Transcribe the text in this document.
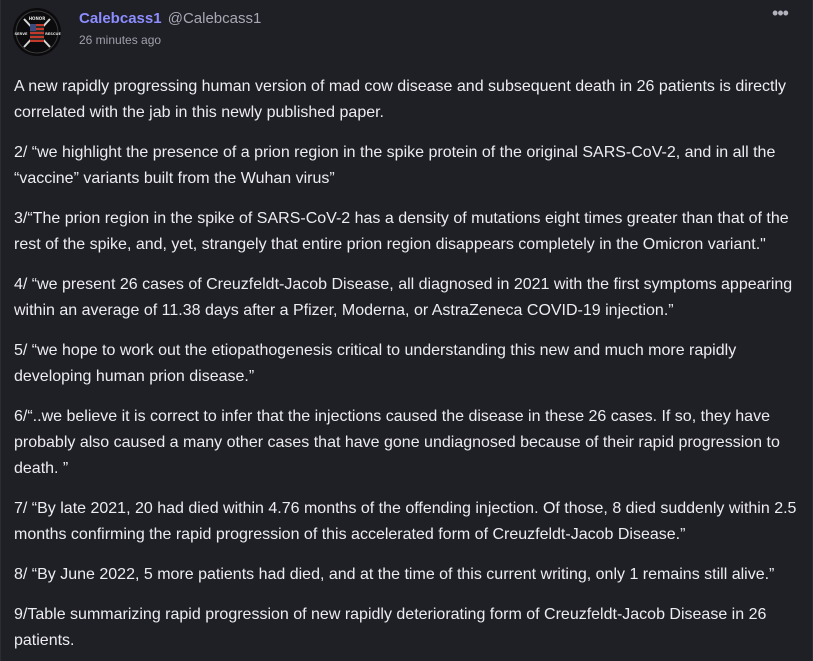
HONOR
SERVE	RESCUE
Calebcass1 @Calebcass1
26 minutes ago
•••

A new rapidly progressing human version of mad cow disease and subsequent death in 26 patients is directly correlated with the jab in this newly published paper.

2/ “we highlight the presence of a prion region in the spike protein of the original SARS-CoV-2, and in all the “vaccine” variants built from the Wuhan virus”

3/“The prion region in the spike of SARS-CoV-2 has a density of mutations eight times greater than that of the rest of the spike, and, yet, strangely that entire prion region disappears completely in the Omicron variant."

4/ “we present 26 cases of Creuzfeldt-Jacob Disease, all diagnosed in 2021 with the first symptoms appearing within an average of 11.38 days after a Pfizer, Moderna, or AstraZeneca COVID-19 injection.”

5/ “we hope to work out the etiopathogenesis critical to understanding this new and much more rapidly developing human prion disease.”

6/“..we believe it is correct to infer that the injections caused the disease in these 26 cases. If so, they have probably also caused a many other cases that have gone undiagnosed because of their rapid progression to death. ”

7/ “By late 2021, 20 had died within 4.76 months of the offending injection. Of those, 8 died suddenly within 2.5 months confirming the rapid progression of this accelerated form of Creuzfeldt-Jacob Disease.”

8/ “By June 2022, 5 more patients had died, and at the time of this current writing, only 1 remains still alive.”

9/Table summarizing rapid progression of new rapidly deteriorating form of Creuzfeldt-Jacob Disease in 26 patients.
